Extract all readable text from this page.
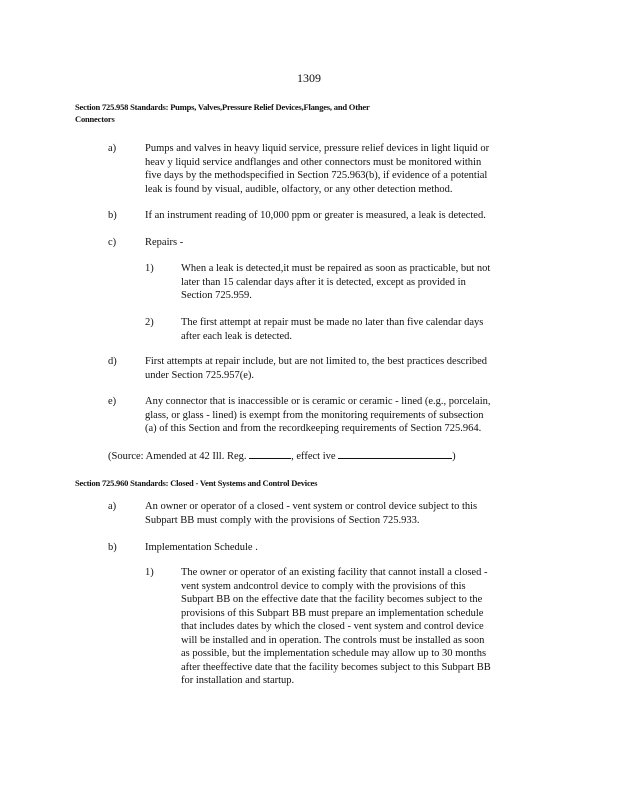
1309
Section 725.958 Standards: Pumps, Valves,Pressure Relief Devices,Flanges, and Other
Connectors
a)	Pumps and valves in heavy liquid service, pressure relief devices in light liquid or
heav y liquid service andflanges and other connectors must be monitored within
five days by the methodspecified in Section 725.963(b), if evidence of a potential
leak is found by visual, audible, olfactory, or any other detection method.

b)	If an instrument reading of 10,000 ppm or greater is measured, a leak is detected.

c)	Repairs -

1)	When a leak is detected,it must be repaired as soon as practicable, but not
later than 15 calendar days after it is detected, except as provided in
Section 725.959.

2)	The first attempt at repair must be made no later than five calendar days
after each leak is detected.

d)	First attempts at repair include, but are not limited to, the best practices described
under Section 725.957(e).

e)	Any connector that is inaccessible or is ceramic or ceramic - lined (e.g., porcelain,
glass, or glass - lined) is exempt from the monitoring requirements of subsection
(a) of this Section and from the recordkeeping requirements of Section 725.964.

(Source: Amended at 42 Ill. Reg.	, effect ive	)
Section 725.960 Standards: Closed - Vent Systems and Control Devices
a)	An owner or operator of a closed - vent system or control device subject to this
Subpart BB must comply with the provisions of Section 725.933.

b)	Implementation Schedule .

1)	The owner or operator of an existing facility that cannot install a closed -
vent system andcontrol device to comply with the provisions of this
Subpart BB on the effective date that the facility becomes subject to the
provisions of this Subpart BB must prepare an implementation schedule
that includes dates by which the closed - vent system and control device
will be installed and in operation. The controls must be installed as soon
as possible, but the implementation schedule may allow up to 30 months
after theeffective date that the facility becomes subject to this Subpart BB
for installation and startup.
